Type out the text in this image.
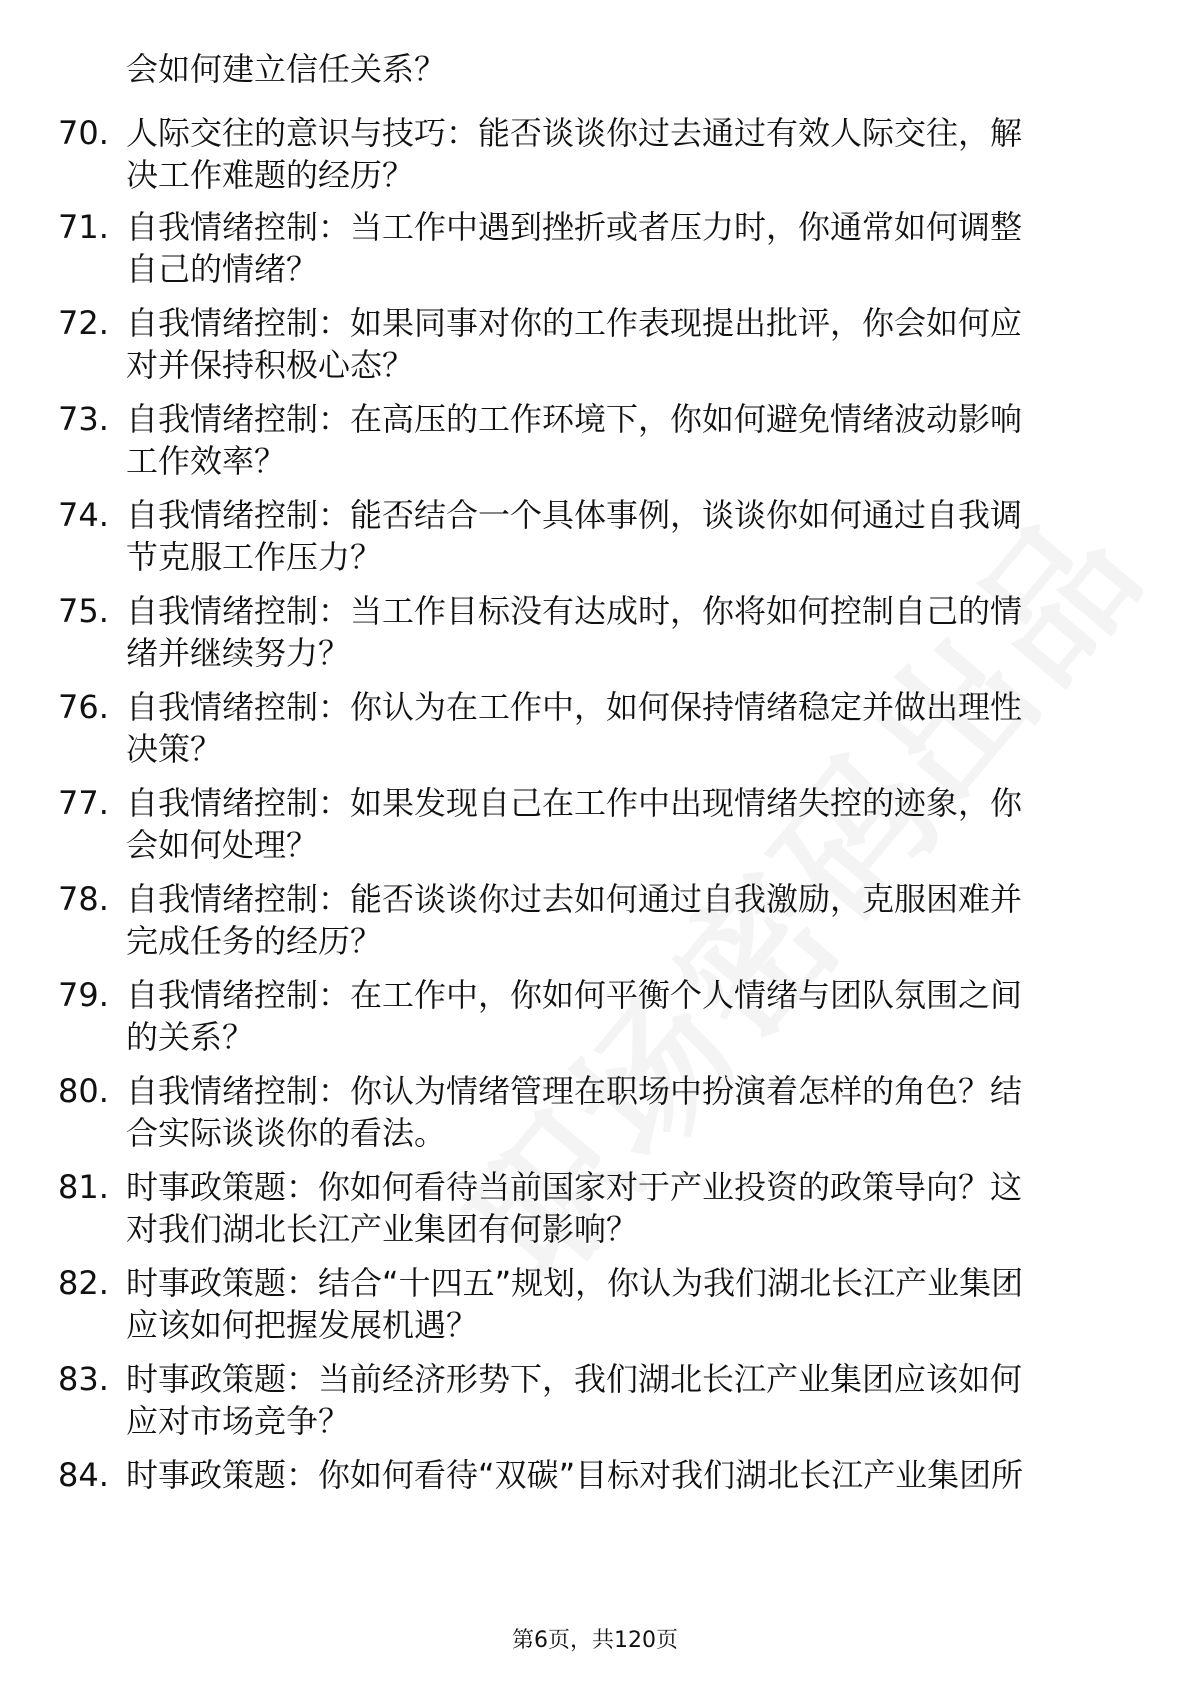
会如何建立信任关系？
70. 人际交往的意识与技巧：能否谈谈你过去通过有效人际交往，解
决工作难题的经历？
71. 自我情绪控制：当工作中遇到挫折或者压力时，你通常如何调整
自己的情绪？
72. 自我情绪控制：如果同事对你的工作表现提出批评，你会如何应
对并保持积极心态？
73. 自我情绪控制：在高压的工作环境下，你如何避免情绪波动影响
工作效率？
74. 自我情绪控制：能否结合一个具体事例，谈谈你如何通过自我调
节克服工作压力？
75. 自我情绪控制：当工作目标没有达成时，你将如何控制自己的情
绪并继续努力？
76. 自我情绪控制：你认为在工作中，如何保持情绪稳定并做出理性
决策？
77. 自我情绪控制：如果发现自己在工作中出现情绪失控的迹象，你
会如何处理？
78. 自我情绪控制：能否谈谈你过去如何通过自我激励，克服困难并
完成任务的经历？
79. 自我情绪控制：在工作中，你如何平衡个人情绪与团队氛围之间
的关系？
80. 自我情绪控制：你认为情绪管理在职场中扮演着怎样的角色？结
合实际谈谈你的看法。
81. 时事政策题：你如何看待当前国家对于产业投资的政策导向？这
对我们湖北长江产业集团有何影响？
82. 时事政策题：结合“十四五”规划，你认为我们湖北长江产业集团
应该如何把握发展机遇？
83. 时事政策题：当前经济形势下，我们湖北长江产业集团应该如何
应对市场竞争？
84. 时事政策题：你如何看待“双碳”目标对我们湖北长江产业集团所
第6页，共120页
